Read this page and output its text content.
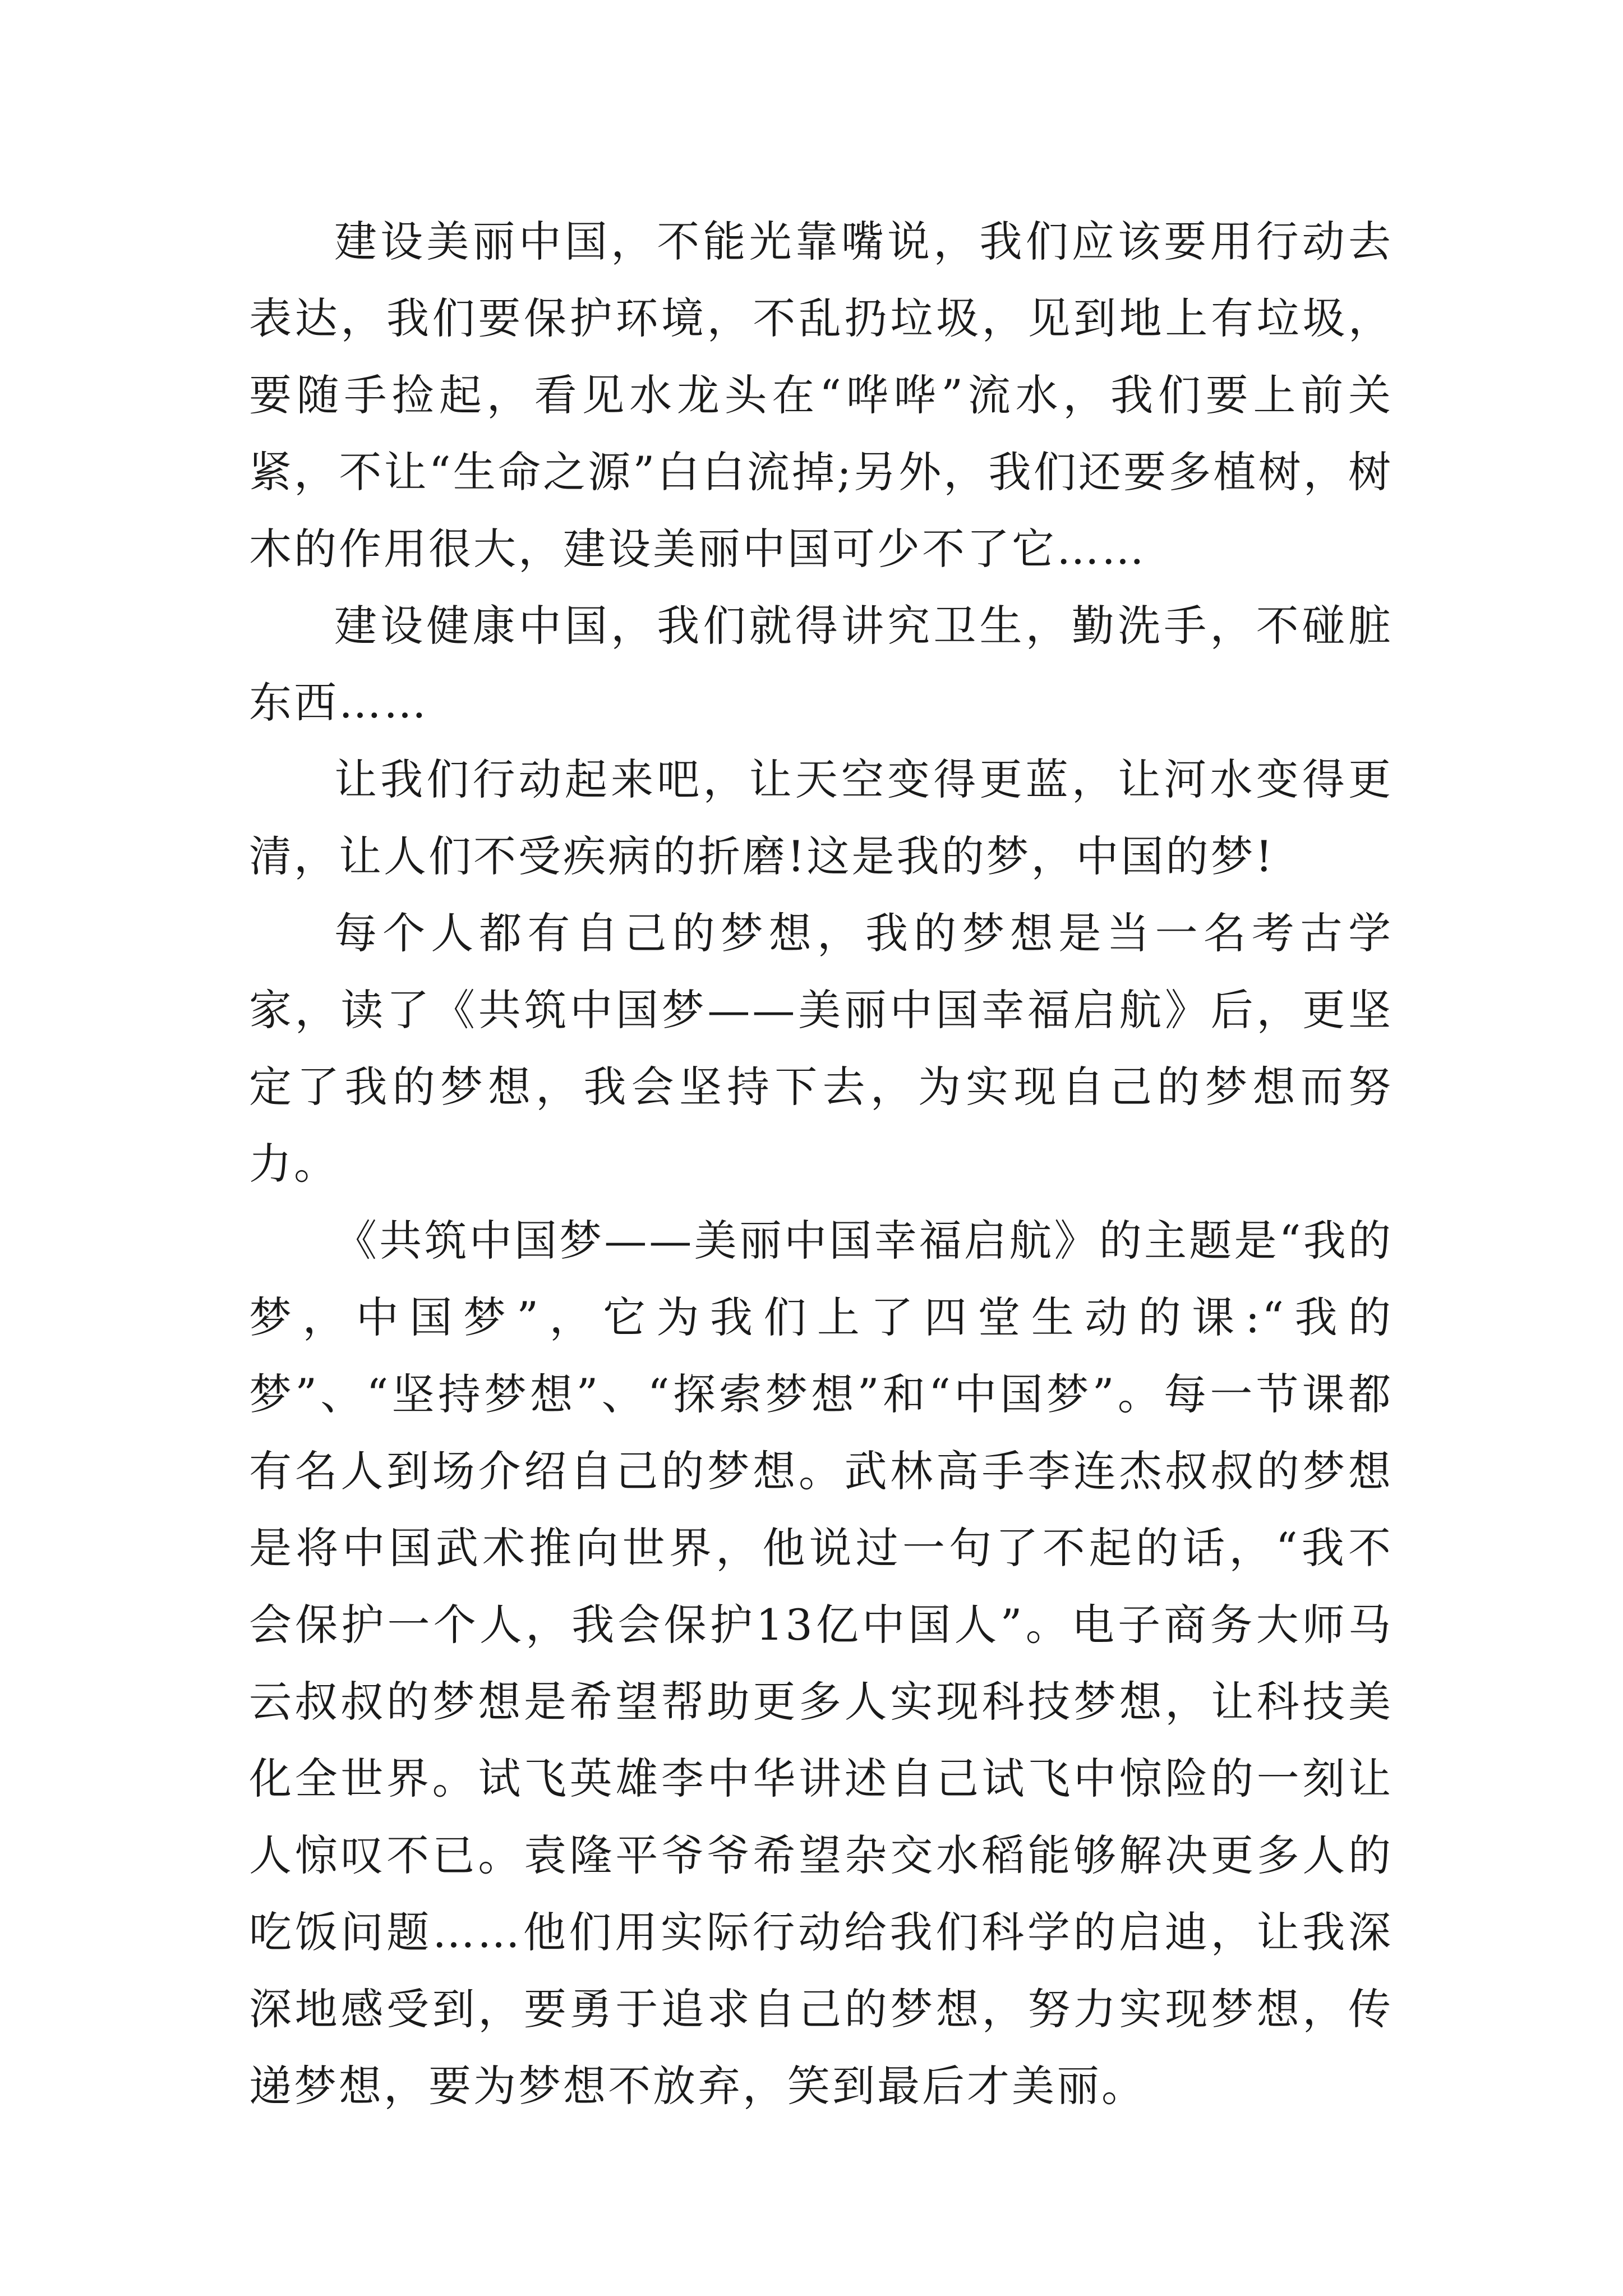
建设美丽中国，不能光靠嘴说，我们应该要用行动去表达，我们要保护环境，不乱扔垃圾，见到地上有垃圾，要随手捡起，看见水龙头在“哗哗”流水，我们要上前关紧，不让“生命之源”白白流掉;另外，我们还要多植树，树木的作用很大，建设美丽中国可少不了它……

建设健康中国，我们就得讲究卫生，勤洗手，不碰脏东西……

让我们行动起来吧，让天空变得更蓝，让河水变得更清，让人们不受疾病的折磨!这是我的梦，中国的梦!

每个人都有自己的梦想，我的梦想是当一名考古学家，读了《共筑中国梦——美丽中国幸福启航》后，更坚定了我的梦想，我会坚持下去，为实现自己的梦想而努力。

《共筑中国梦——美丽中国幸福启航》的主题是“我的梦，中国梦”，它为我们上了四堂生动的课:“我的梦”、“坚持梦想”、“探索梦想”和“中国梦”。每一节课都有名人到场介绍自己的梦想。武林高手李连杰叔叔的梦想是将中国武术推向世界，他说过一句了不起的话，“我不会保护一个人，我会保护13亿中国人”。电子商务大师马云叔叔的梦想是希望帮助更多人实现科技梦想，让科技美化全世界。试飞英雄李中华讲述自己试飞中惊险的一刻让人惊叹不已。袁隆平爷爷希望杂交水稻能够解决更多人的吃饭问题……他们用实际行动给我们科学的启迪，让我深深地感受到，要勇于追求自己的梦想，努力实现梦想，传递梦想，要为梦想不放弃，笑到最后才美丽。
